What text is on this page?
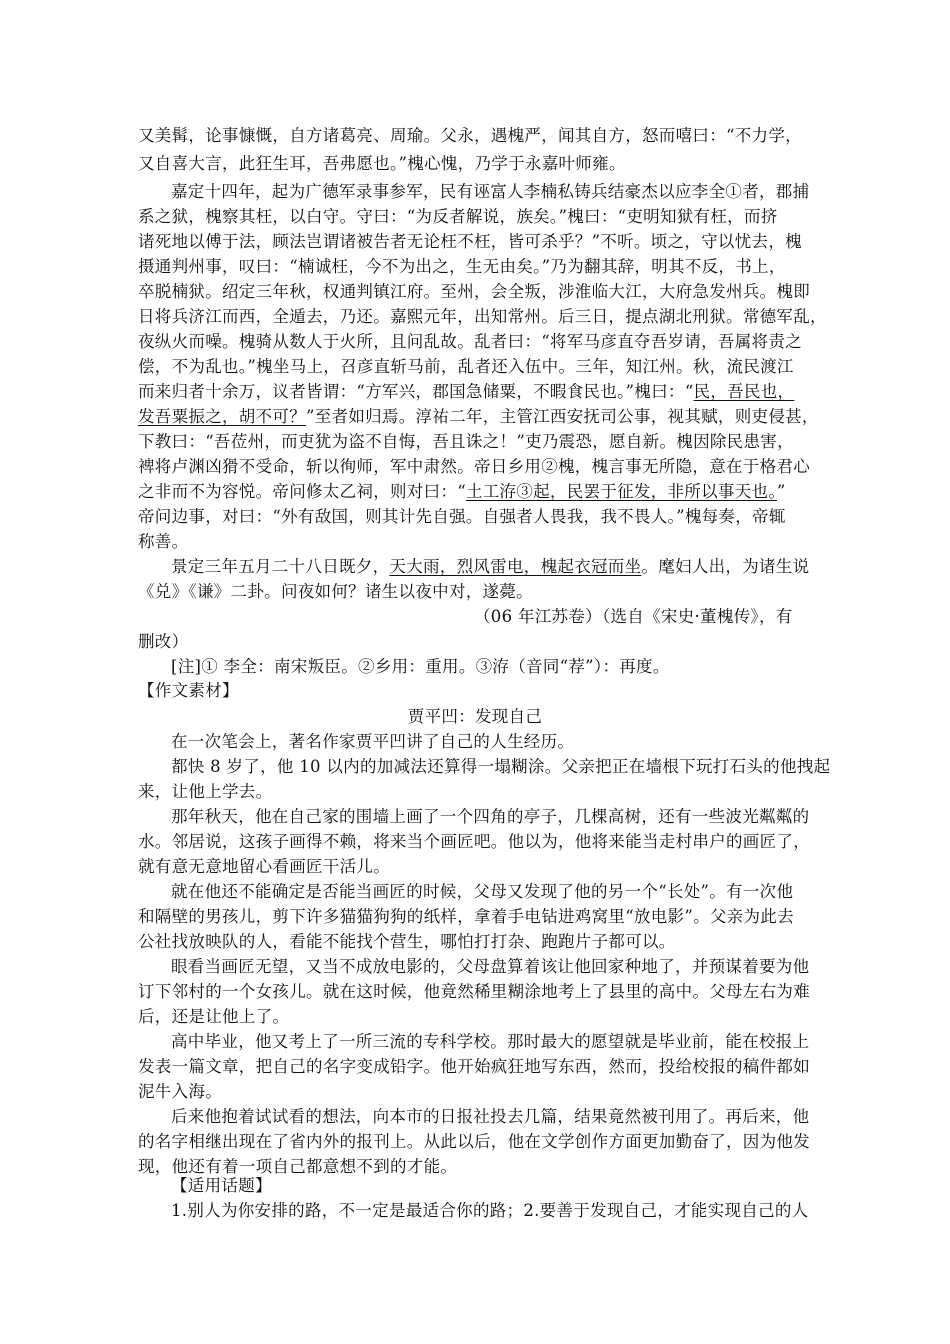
又美髯，论事慷慨，自方诸葛亮、周瑜。父永，遇槐严，闻其自方，怒而嘻曰：“不力学，
又自喜大言，此狂生耳，吾弗愿也。”槐心愧，乃学于永嘉叶师雍。
嘉定十四年，起为广德军录事参军，民有诬富人李楠私铸兵结豪杰以应李全①者，郡捕
系之狱，槐察其枉，以白守。守曰：“为反者解说，族矣。”槐曰：“吏明知狱有枉，而挤
诸死地以傅于法，顾法岂谓诸被告者无论枉不枉，皆可杀乎？”不听。顷之，守以忧去，槐
摄通判州事，叹曰：“楠诚枉，今不为出之，生无由矣。”乃为翻其辞，明其不反，书上，
卒脱楠狱。绍定三年秋，权通判镇江府。至州，会全叛，涉淮临大江，大府急发州兵。槐即
日将兵济江而西，全遁去，乃还。嘉熙元年，出知常州。后三日，提点湖北刑狱。常德军乱，
夜纵火而噪。槐骑从数人于火所，且问乱故。乱者曰：“将军马彦直夺吾岁请，吾属将责之
偿，不为乱也。”槐坐马上，召彦直斩马前，乱者还入伍中。三年，知江州。秋，流民渡江
而来归者十余万，议者皆谓：“方军兴，郡国急储粟，不暇食民也。”槐曰：“民，吾民也，
发吾粟振之，胡不可？”至者如归焉。淳祐二年，主管江西安抚司公事，视其赋，则吏侵甚，
下教曰：“吾莅州，而吏犹为盗不自悔，吾且诛之！”吏乃震恐，愿自新。槐因除民患害，
裨将卢渊凶猾不受命，斩以徇师，军中肃然。帝日乡用②槐，槐言事无所隐，意在于格君心
之非而不为容悦。帝问修太乙祠，则对曰：“土工洊③起，民罢于征发，非所以事天也。”
帝问边事，对曰：“外有敌国，则其计先自强。自强者人畏我，我不畏人。”槐每奏，帝辄
称善。
景定三年五月二十八日既夕，天大雨，烈风雷电，槐起衣冠而坐。麾妇人出，为诸生说
《兑》《谦》二卦。问夜如何？诸生以夜中对，遂薨。
（06 年江苏卷）（选自《宋史·董槐传》，有
删改）
[注]① 李全：南宋叛臣。②乡用：重用。③洊（音同“荐”）：再度。
【作文素材】
贾平凹：发现自己
在一次笔会上，著名作家贾平凹讲了自己的人生经历。
都快 8 岁了，他 10 以内的加减法还算得一塌糊涂。父亲把正在墙根下玩打石头的他拽起
来，让他上学去。
那年秋天，他在自己家的围墙上画了一个四角的亭子，几棵高树，还有一些波光粼粼的
水。邻居说，这孩子画得不赖，将来当个画匠吧。他以为，他将来能当走村串户的画匠了，
就有意无意地留心看画匠干活儿。
就在他还不能确定是否能当画匠的时候，父母又发现了他的另一个“长处”。有一次他
和隔壁的男孩儿，剪下许多猫猫狗狗的纸样，拿着手电钻进鸡窝里“放电影”。父亲为此去
公社找放映队的人，看能不能找个营生，哪怕打打杂、跑跑片子都可以。
眼看当画匠无望，又当不成放电影的，父母盘算着该让他回家种地了，并预谋着要为他
订下邻村的一个女孩儿。就在这时候，他竟然稀里糊涂地考上了县里的高中。父母左右为难
后，还是让他上了。
高中毕业，他又考上了一所三流的专科学校。那时最大的愿望就是毕业前，能在校报上
发表一篇文章，把自己的名字变成铅字。他开始疯狂地写东西，然而，投给校报的稿件都如
泥牛入海。
后来他抱着试试看的想法，向本市的日报社投去几篇，结果竟然被刊用了。再后来，他
的名字相继出现在了省内外的报刊上。从此以后，他在文学创作方面更加勤奋了，因为他发
现，他还有着一项自己都意想不到的才能。
【适用话题】
1.别人为你安排的路，不一定是最适合你的路；2.要善于发现自己，才能实现自己的人
